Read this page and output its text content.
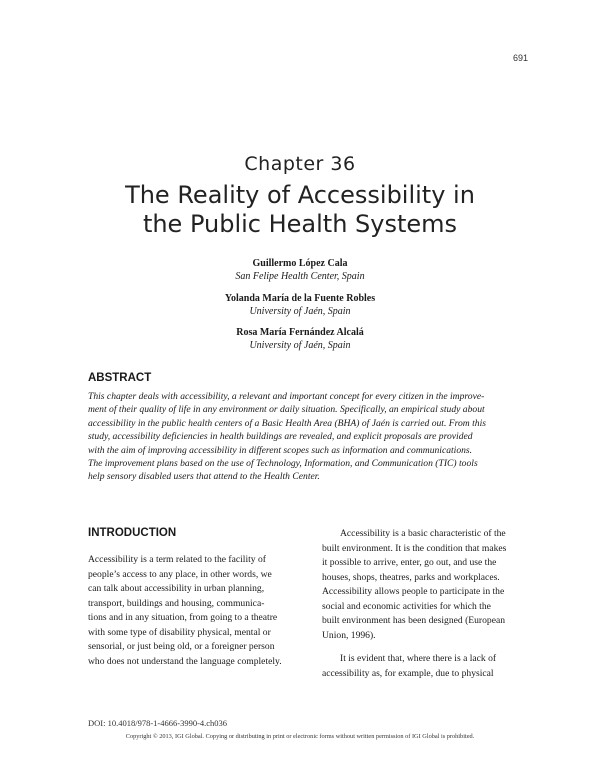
691
Chapter 36
The Reality of Accessibility in
the Public Health Systems
Guillermo López Cala
San Felipe Health Center, Spain
Yolanda María de la Fuente Robles
University of Jaén, Spain
Rosa María Fernández Alcalá
University of Jaén, Spain
ABSTRACT
This chapter deals with accessibility, a relevant and important concept for every citizen in the improve-
ment of their quality of life in any environment or daily situation. Specifically, an empirical study about
accessibility in the public health centers of a Basic Health Area (BHA) of Jaén is carried out. From this
study, accessibility deficiencies in health buildings are revealed, and explicit proposals are provided
with the aim of improving accessibility in different scopes such as information and communications.
The improvement plans based on the use of Technology, Information, and Communication (TIC) tools
help sensory disabled users that attend to the Health Center.
INTRODUCTION
Accessibility is a term related to the facility of
people’s access to any place, in other words, we
can talk about accessibility in urban planning,
transport, buildings and housing, communica-
tions and in any situation, from going to a theatre
with some type of disability physical, mental or
sensorial, or just being old, or a foreigner person
who does not understand the language completely.
Accessibility is a basic characteristic of the
built environment. It is the condition that makes
it possible to arrive, enter, go out, and use the
houses, shops, theatres, parks and workplaces.
Accessibility allows people to participate in the
social and economic activities for which the
built environment has been designed (European
Union, 1996).
It is evident that, where there is a lack of
accessibility as, for example, due to physical
DOI: 10.4018/978-1-4666-3990-4.ch036
Copyright © 2013, IGI Global. Copying or distributing in print or electronic forms without written permission of IGI Global is prohibited.
